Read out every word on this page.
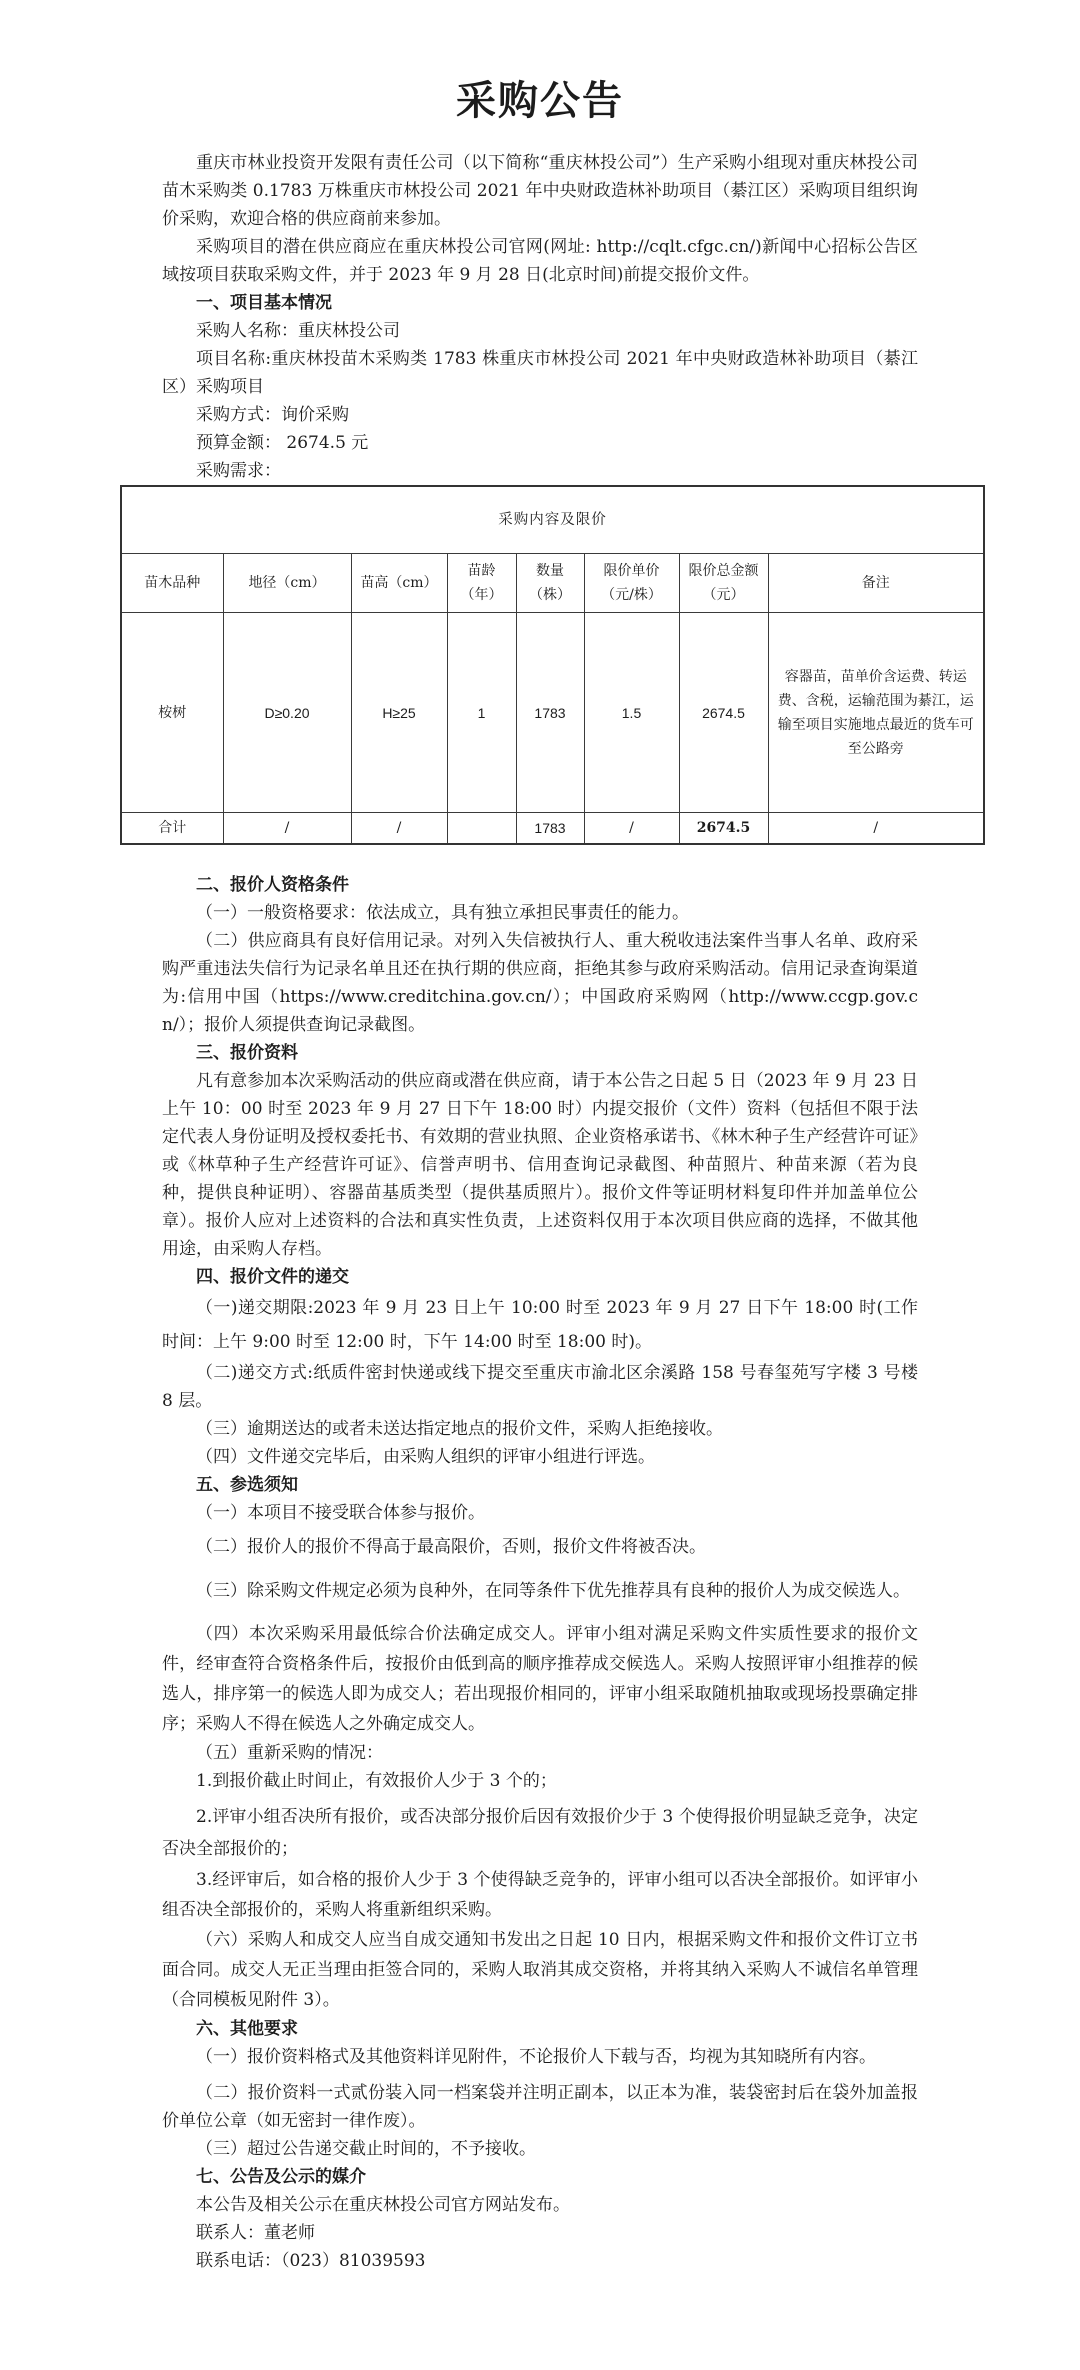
采购公告

重庆市林业投资开发限有责任公司（以下简称“重庆林投公司”）生产采购小组现对重庆林投公司苗木采购类 0.1783 万株重庆市林投公司 2021 年中央财政造林补助项目（綦江区）采购项目组织询价采购，欢迎合格的供应商前来参加。

采购项目的潜在供应商应在重庆林投公司官网(网址: http://cqlt.cfgc.cn/)新闻中心招标公告区域按项目获取采购文件，并于 2023 年 9 月 28 日(北京时间)前提交报价文件。

一、项目基本情况

采购人名称：重庆林投公司

项目名称:重庆林投苗木采购类 1783 株重庆市林投公司 2021 年中央财政造林补助项目（綦江区）采购项目

采购方式：询价采购

预算金额： 2674.5 元

采购需求：

采购内容及限价							
苗木品种	地径（cm）	苗高（cm）	苗龄（年）	数量（株）	限价单价（元/株）	限价总金额（元）	备注
桉树	D≥0.20	H≥25	1	1783	1.5	2674.5	容器苗，苗单价含运费、转运费、含税，运输范围为綦江，运输至项目实施地点最近的货车可至公路旁
合计	/	/		1783	/	2674.5	/

二、报价人资格条件

（一）一般资格要求：依法成立，具有独立承担民事责任的能力。

（二）供应商具有良好信用记录。对列入失信被执行人、重大税收违法案件当事人名单、政府采购严重违法失信行为记录名单且还在执行期的供应商，拒绝其参与政府采购活动。信用记录查询渠道为:信用中国（https://www.creditchina.gov.cn/）；中国政府采购网（http://www.ccgp.gov.cn/）；报价人须提供查询记录截图。

三、报价资料

凡有意参加本次采购活动的供应商或潜在供应商，请于本公告之日起 5 日（2023 年 9 月 23 日上午 10：00 时至 2023 年 9 月 27 日下午 18:00 时）内提交报价（文件）资料（包括但不限于法定代表人身份证明及授权委托书、有效期的营业执照、企业资格承诺书、《林木种子生产经营许可证》或《林草种子生产经营许可证》、信誉声明书、信用查询记录截图、种苗照片、种苗来源（若为良种，提供良种证明）、容器苗基质类型（提供基质照片）。报价文件等证明材料复印件并加盖单位公章）。报价人应对上述资料的合法和真实性负责，上述资料仅用于本次项目供应商的选择，不做其他用途，由采购人存档。

四、报价文件的递交

（一)递交期限:2023 年 9 月 23 日上午 10:00 时至 2023 年 9 月 27 日下午 18:00 时(工作时间：上午 9:00 时至 12:00 时，下午 14:00 时至 18:00 时)。

（二)递交方式:纸质件密封快递或线下提交至重庆市渝北区余溪路 158 号春玺苑写字楼 3 号楼 8 层。

（三）逾期送达的或者未送达指定地点的报价文件，采购人拒绝接收。

（四）文件递交完毕后，由采购人组织的评审小组进行评选。

五、参选须知

（一）本项目不接受联合体参与报价。

（二）报价人的报价不得高于最高限价，否则，报价文件将被否决。

（三）除采购文件规定必须为良种外，在同等条件下优先推荐具有良种的报价人为成交候选人。

（四）本次采购采用最低综合价法确定成交人。评审小组对满足采购文件实质性要求的报价文件，经审查符合资格条件后，按报价由低到高的顺序推荐成交候选人。采购人按照评审小组推荐的候选人，排序第一的候选人即为成交人；若出现报价相同的，评审小组采取随机抽取或现场投票确定排序；采购人不得在候选人之外确定成交人。

（五）重新采购的情况：

1.到报价截止时间止，有效报价人少于 3 个的；

2.评审小组否决所有报价，或否决部分报价后因有效报价少于 3 个使得报价明显缺乏竞争，决定否决全部报价的；

3.经评审后，如合格的报价人少于 3 个使得缺乏竞争的，评审小组可以否决全部报价。如评审小组否决全部报价的，采购人将重新组织采购。

（六）采购人和成交人应当自成交通知书发出之日起 10 日内，根据采购文件和报价文件订立书面合同。成交人无正当理由拒签合同的，采购人取消其成交资格，并将其纳入采购人不诚信名单管理（合同模板见附件 3）。

六、其他要求

（一）报价资料格式及其他资料详见附件，不论报价人下载与否，均视为其知晓所有内容。

（二）报价资料一式贰份装入同一档案袋并注明正副本，以正本为准，装袋密封后在袋外加盖报价单位公章（如无密封一律作废）。

（三）超过公告递交截止时间的，不予接收。

七、公告及公示的媒介

本公告及相关公示在重庆林投公司官方网站发布。

联系人：董老师

联系电话：（023）81039593
